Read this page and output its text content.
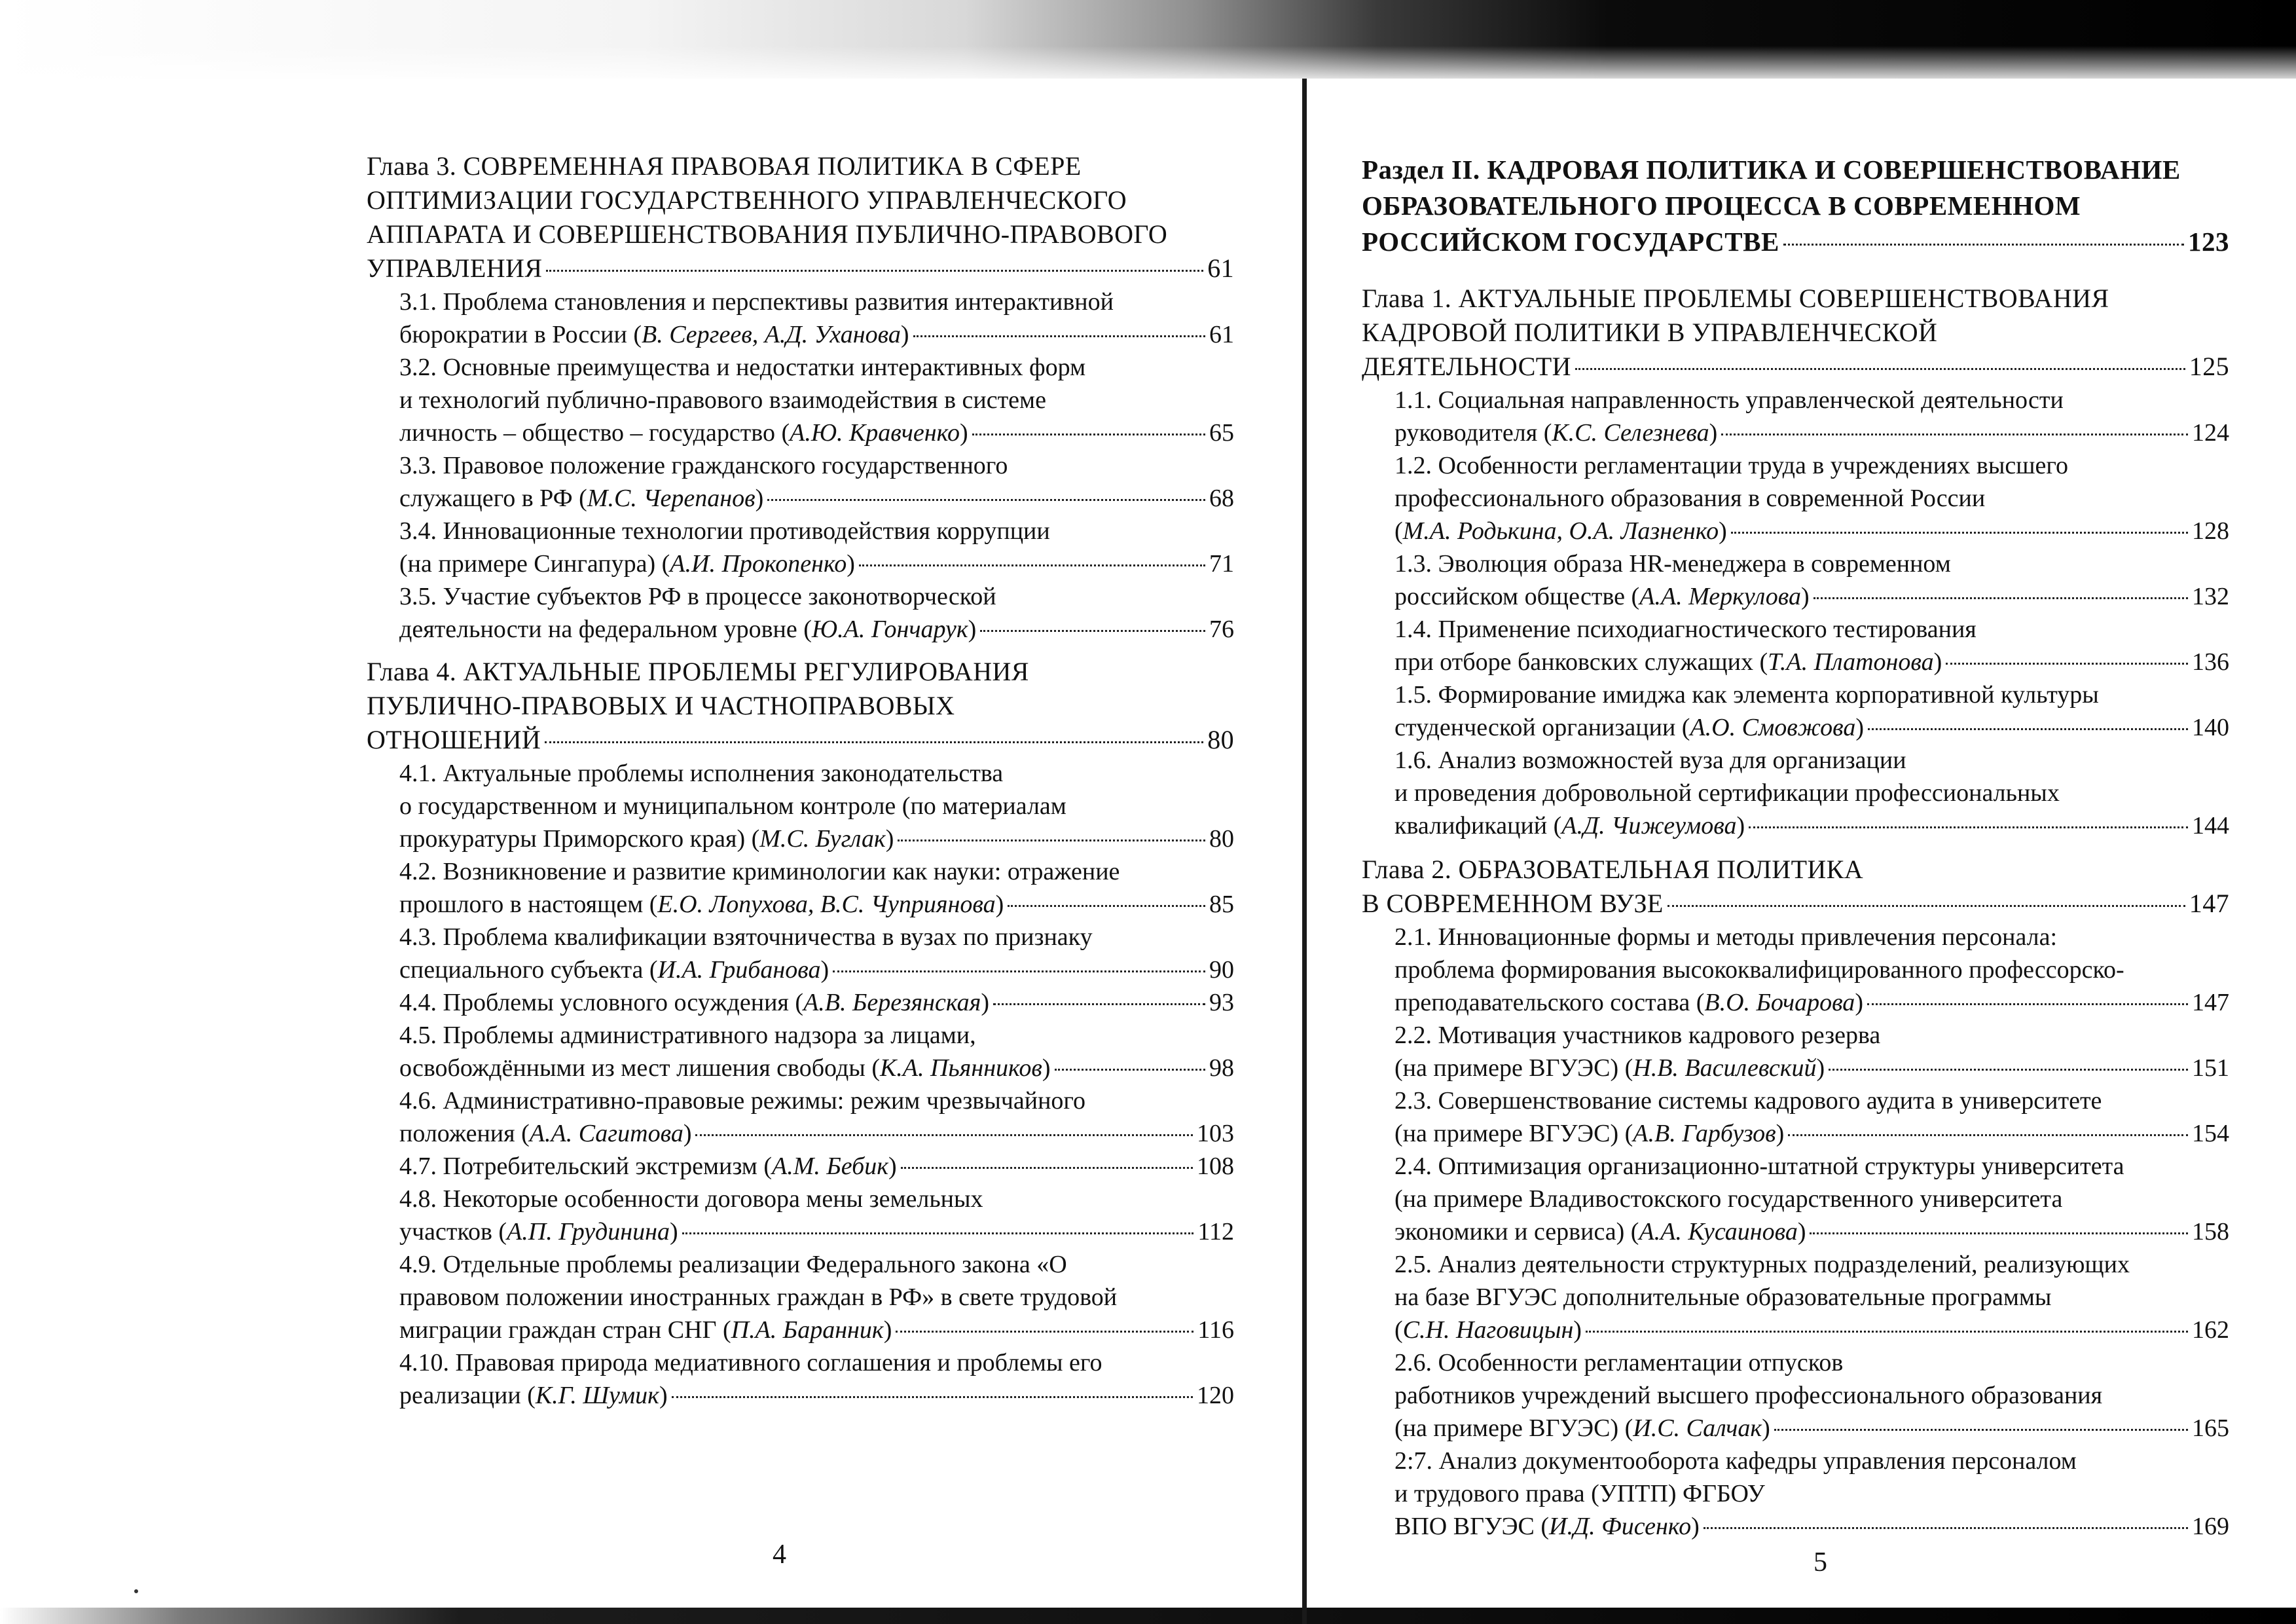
Глава 3. СОВРЕМЕННАЯ ПРАВОВАЯ ПОЛИТИКА В СФЕРЕ
ОПТИМИЗАЦИИ ГОСУДАРСТВЕННОГО УПРАВЛЕНЧЕСКОГО
АППАРАТА И СОВЕРШЕНСТВОВАНИЯ ПУБЛИЧНО-ПРАВОВОГО
УПРАВЛЕНИЯ	61
3.1. Проблема становления и перспективы развития интерактивной
бюрократии в России (В. Сергеев, А.Д. Уханова)	61
3.2. Основные преимущества и недостатки интерактивных форм
и технологий публично-правового взаимодействия в системе
личность – общество – государство (А.Ю. Кравченко)	65
3.3. Правовое положение гражданского государственного
служащего в РФ (М.С. Черепанов)	68
3.4. Инновационные технологии противодействия коррупции
(на примере Сингапура) (А.И. Прокопенко)	71
3.5. Участие субъектов РФ в процессе законотворческой
деятельности на федеральном уровне (Ю.А. Гончарук)	76
Глава 4. АКТУАЛЬНЫЕ ПРОБЛЕМЫ РЕГУЛИРОВАНИЯ
ПУБЛИЧНО-ПРАВОВЫХ И ЧАСТНОПРАВОВЫХ
ОТНОШЕНИЙ	80
4.1. Актуальные проблемы исполнения законодательства
о государственном и муниципальном контроле (по материалам
прокуратуры Приморского края) (М.С. Буглак)	80
4.2. Возникновение и развитие криминологии как науки: отражение
прошлого в настоящем (Е.О. Лопухова, В.С. Чуприянова)	85
4.3. Проблема квалификации взяточничества в вузах по признаку
специального субъекта (И.А. Грибанова)	90
4.4. Проблемы условного осуждения (А.В. Березянская)	93
4.5. Проблемы административного надзора за лицами,
освобождёнными из мест лишения свободы (К.А. Пьянников)	98
4.6. Административно-правовые режимы: режим чрезвычайного
положения (А.А. Сагитова)	103
4.7. Потребительский экстремизм (А.М. Бебик)	108
4.8. Некоторые особенности договора мены земельных
участков (А.П. Грудинина)	112
4.9. Отдельные проблемы реализации Федерального закона «О
правовом положении иностранных граждан в РФ» в свете трудовой
миграции граждан стран СНГ (П.А. Баранник)	116
4.10. Правовая природа медиативного соглашения и проблемы его
реализации (К.Г. Шумик)	120
4
Раздел II. КАДРОВАЯ ПОЛИТИКА И СОВЕРШЕНСТВОВАНИЕ
ОБРАЗОВАТЕЛЬНОГО ПРОЦЕССА В СОВРЕМЕННОМ
РОССИЙСКОМ ГОСУДАРСТВЕ	123
Глава 1. АКТУАЛЬНЫЕ ПРОБЛЕМЫ СОВЕРШЕНСТВОВАНИЯ
КАДРОВОЙ ПОЛИТИКИ В УПРАВЛЕНЧЕСКОЙ
ДЕЯТЕЛЬНОСТИ	125
1.1. Социальная направленность управленческой деятельности
руководителя (К.С. Селезнева)	124
1.2. Особенности регламентации труда в учреждениях высшего
профессионального образования в современной России
(М.А. Родькина, О.А. Лазненко)	128
1.3. Эволюция образа HR-менеджера в современном
российском обществе (А.А. Меркулова)	132
1.4. Применение психодиагностического тестирования
при отборе банковских служащих (Т.А. Платонова)	136
1.5. Формирование имиджа как элемента корпоративной культуры
студенческой организации (А.О. Смовжова)	140
1.6. Анализ возможностей вуза для организации
и проведения добровольной сертификации профессиональных
квалификаций (А.Д. Чижеумова)	144
Глава 2. ОБРАЗОВАТЕЛЬНАЯ ПОЛИТИКА
В СОВРЕМЕННОМ ВУЗЕ	147
2.1. Инновационные формы и методы привлечения персонала:
проблема формирования высококвалифицированного профессорско-
преподавательского состава (В.О. Бочарова)	147
2.2. Мотивация участников кадрового резерва
(на примере ВГУЭС) (Н.В. Василевский)	151
2.3. Совершенствование системы кадрового аудита в университете
(на примере ВГУЭС) (А.В. Гарбузов)	154
2.4. Оптимизация организационно-штатной структуры университета
(на примере Владивостокского государственного университета
экономики и сервиса) (А.А. Кусаинова)	158
2.5. Анализ деятельности структурных подразделений, реализующих
на базе ВГУЭС дополнительные образовательные программы
(С.Н. Наговицын)	162
2.6. Особенности регламентации отпусков
работников учреждений высшего профессионального образования
(на примере ВГУЭС) (И.С. Салчак)	165
2:7. Анализ документооборота кафедры управления персоналом
и трудового права (УПТП) ФГБОУ
ВПО ВГУЭС (И.Д. Фисенко)	169
5
